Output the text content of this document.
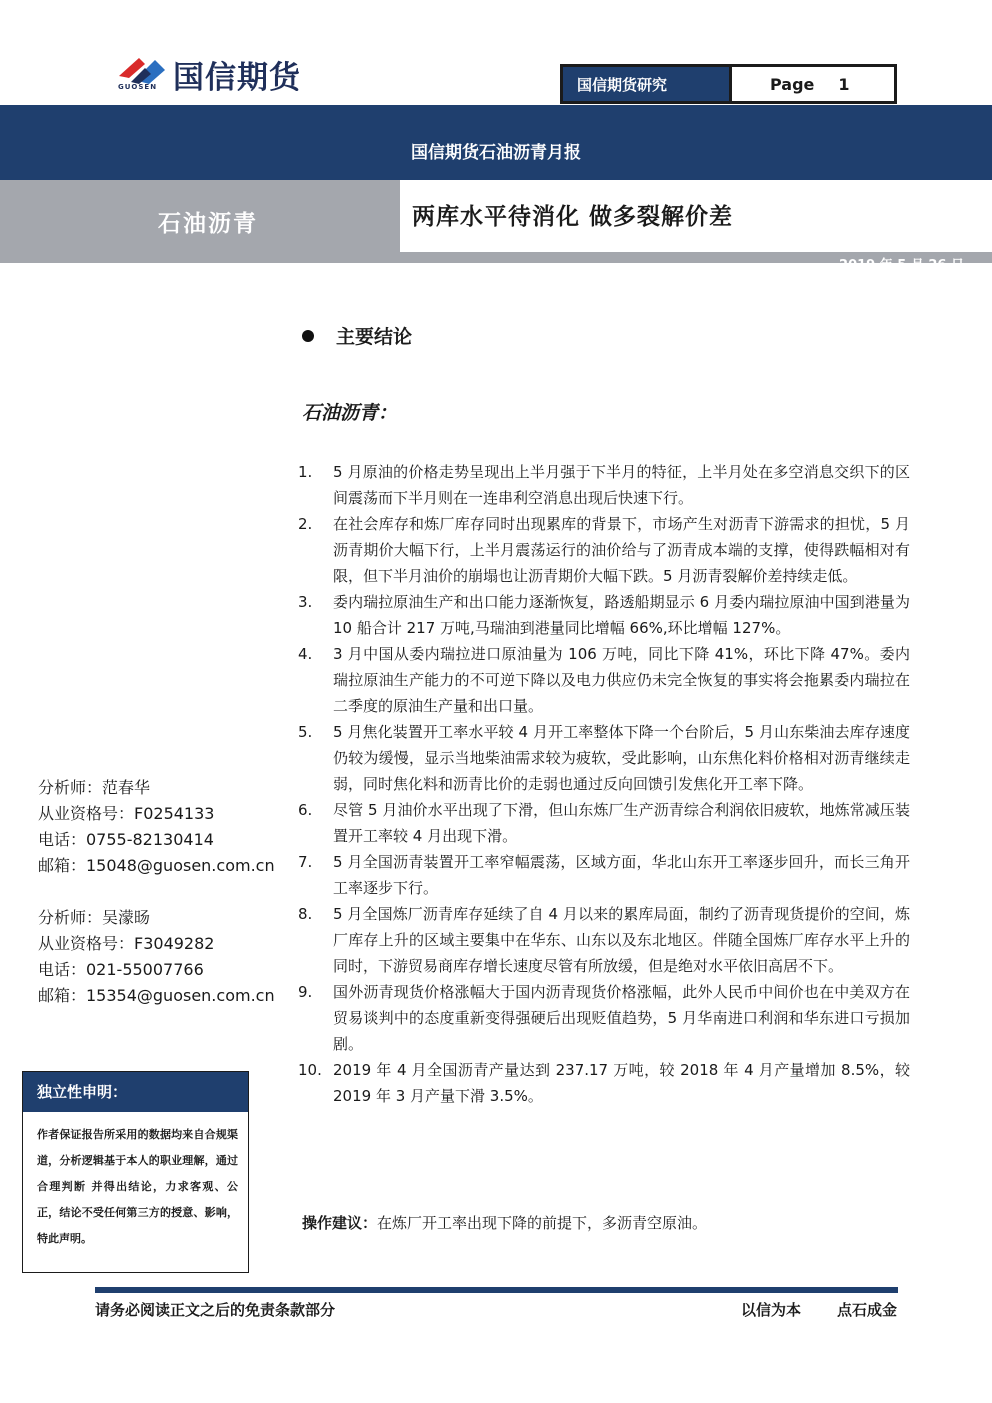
国信期货
GUOSEN	国信期货研究	Page 1
国信期货石油沥青月报
石油沥青	两库水平待消化 做多裂解价差
2019 年 5 月 26 日
主要结论
石油沥青：
1.	5 月原油的价格走势呈现出上半月强于下半月的特征，上半月处在多空消息交织下的区间震荡而下半月则在一连串利空消息出现后快速下行。
2.	在社会库存和炼厂库存同时出现累库的背景下，市场产生对沥青下游需求的担忧，5 月沥青期价大幅下行，上半月震荡运行的油价给与了沥青成本端的支撑，使得跌幅相对有限，但下半月油价的崩塌也让沥青期价大幅下跌。5 月沥青裂解价差持续走低。
3.	委内瑞拉原油生产和出口能力逐渐恢复，路透船期显示 6 月委内瑞拉原油中国到港量为 10 船合计 217 万吨,马瑞油到港量同比增幅 66%,环比增幅 127%。
4.	3 月中国从委内瑞拉进口原油量为 106 万吨，同比下降 41%，环比下降 47%。委内瑞拉原油生产能力的不可逆下降以及电力供应仍未完全恢复的事实将会拖累委内瑞拉在二季度的原油生产量和出口量。
5.	5 月焦化装置开工率水平较 4 月开工率整体下降一个台阶后，5 月山东柴油去库存速度仍较为缓慢，显示当地柴油需求较为疲软，受此影响，山东焦化料价格相对沥青继续走弱，同时焦化料和沥青比价的走弱也通过反向回馈引发焦化开工率下降。
6.	尽管 5 月油价水平出现了下滑，但山东炼厂生产沥青综合利润依旧疲软，地炼常减压装置开工率较 4 月出现下滑。
7.	5 月全国沥青装置开工率窄幅震荡，区域方面，华北山东开工率逐步回升，而长三角开工率逐步下行。
8.	5 月全国炼厂沥青库存延续了自 4 月以来的累库局面，制约了沥青现货提价的空间，炼厂库存上升的区域主要集中在华东、山东以及东北地区。伴随全国炼厂库存水平上升的同时，下游贸易商库存增长速度尽管有所放缓，但是绝对水平依旧高居不下。
9.	国外沥青现货价格涨幅大于国内沥青现货价格涨幅，此外人民币中间价也在中美双方在贸易谈判中的态度重新变得强硬后出现贬值趋势，5 月华南进口利润和华东进口亏损加剧。
10. 2019 年 4 月全国沥青产量达到 237.17 万吨，较 2018 年 4 月产量增加 8.5%，较 2019 年 3 月产量下滑 3.5%。
操作建议：在炼厂开工率出现下降的前提下，多沥青空原油。
分析师：范春华
从业资格号：F0254133
电话：0755-82130414
邮箱：15048@guosen.com.cn
分析师：吴濛旸
从业资格号：F3049282
电话：021-55007766
邮箱：15354@guosen.com.cn
独立性申明：
作者保证报告所采用的数据均来自合规渠道，分析逻辑基于本人的职业理解，通过合理判断 并得出结论，力求客观、公正，结论不受任何第三方的授意、影响，特此声明。
请务必阅读正文之后的免责条款部分	以信为本 点石成金
